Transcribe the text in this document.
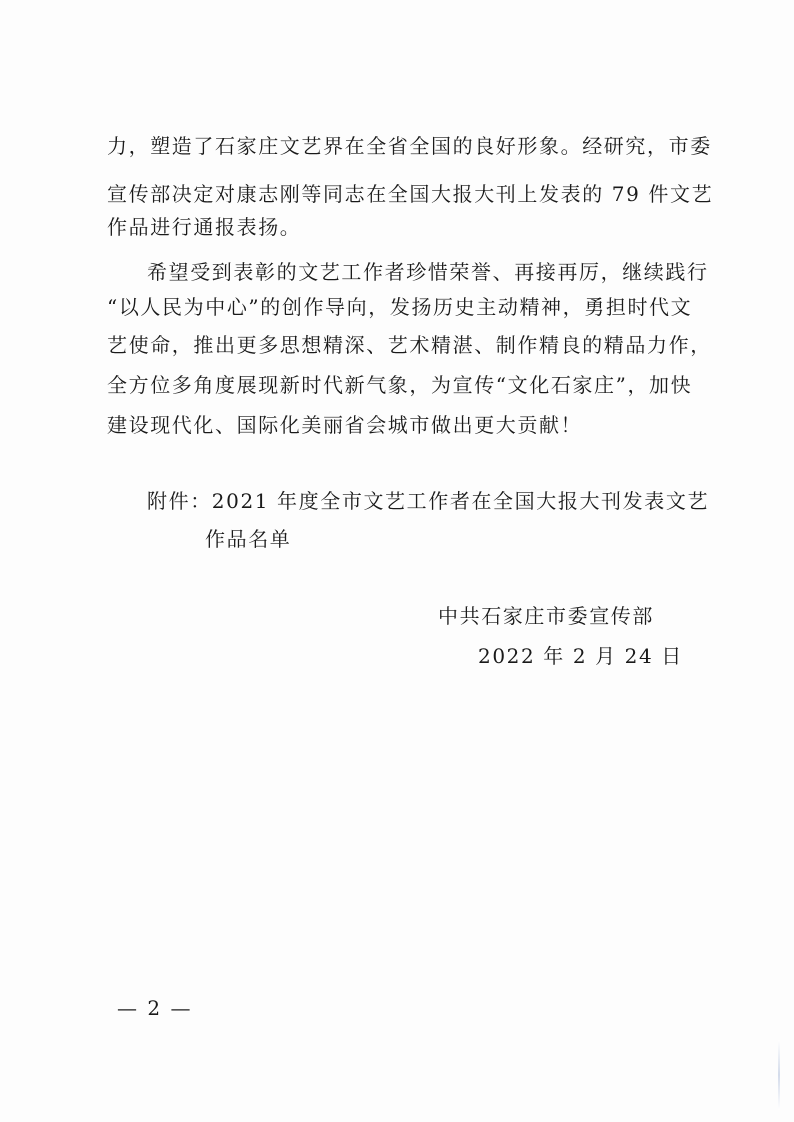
力，塑造了石家庄文艺界在全省全国的良好形象。经研究，市委
宣传部决定对康志刚等同志在全国大报大刊上发表的 79 件文艺
作品进行通报表扬。
希望受到表彰的文艺工作者珍惜荣誉、再接再厉，继续践行
“以人民为中心”的创作导向，发扬历史主动精神，勇担时代文
艺使命，推出更多思想精深、艺术精湛、制作精良的精品力作，
全方位多角度展现新时代新气象，为宣传“文化石家庄”，加快
建设现代化、国际化美丽省会城市做出更大贡献！
附件：2021 年度全市文艺工作者在全国大报大刊发表文艺
作品名单
中共石家庄市委宣传部
2022 年 2 月 24 日
— 2 —
